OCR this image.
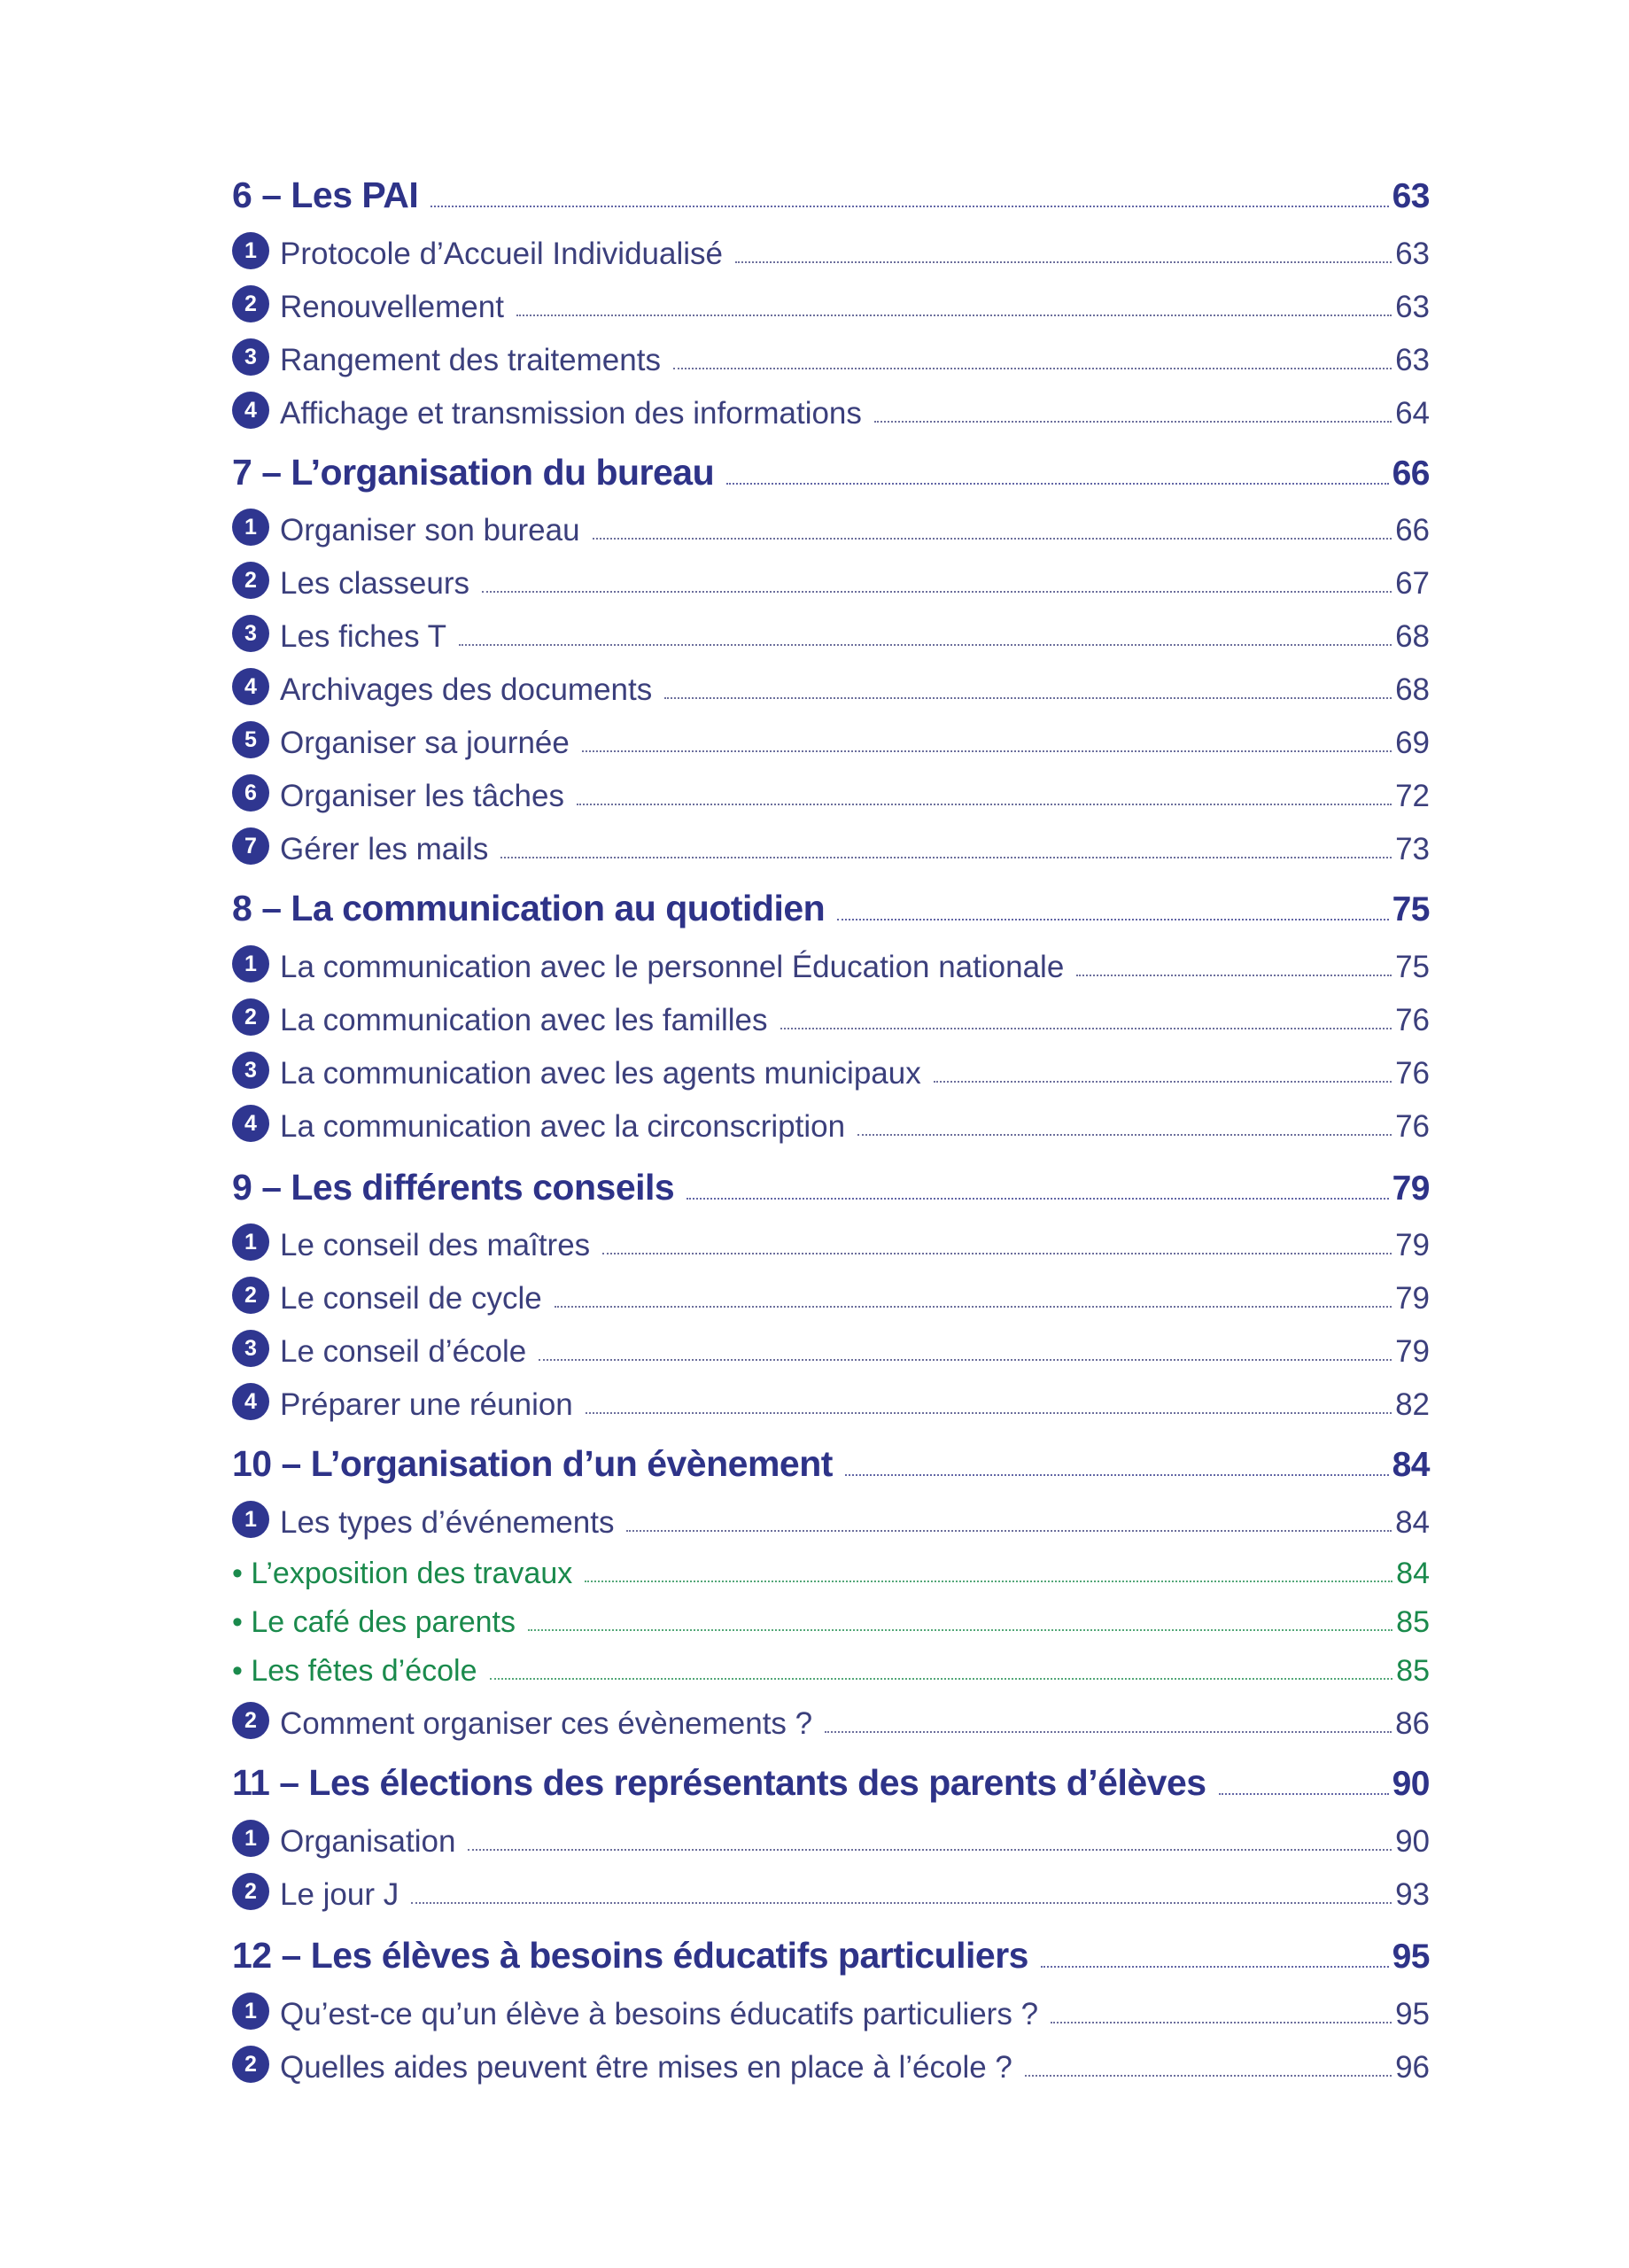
6 – Les PAI	63
1 Protocole d’Accueil Individualisé	63
2 Renouvellement	63
3 Rangement des traitements	63
4 Affichage et transmission des informations	64
7 – L’organisation du bureau	66
1 Organiser son bureau	66
2 Les classeurs	67
3 Les fiches T	68
4 Archivages des documents	68
5 Organiser sa journée	69
6 Organiser les tâches	72
7 Gérer les mails	73
8 – La communication au quotidien	75
1 La communication avec le personnel Éducation nationale	75
2 La communication avec les familles	76
3 La communication avec les agents municipaux	76
4 La communication avec la circonscription	76
9 – Les différents conseils	79
1 Le conseil des maîtres	79
2 Le conseil de cycle	79
3 Le conseil d’école	79
4 Préparer une réunion	82
10 – L’organisation d’un évènement	84
1 Les types d’événements	84
• L’exposition des travaux	84
• Le café des parents	85
• Les fêtes d’école	85
2 Comment organiser ces évènements ?	86
11 – Les élections des représentants des parents d’élèves	90
1 Organisation	90
2 Le jour J	93
12 – Les élèves à besoins éducatifs particuliers	95
1 Qu’est-ce qu’un élève à besoins éducatifs particuliers ?	95
2 Quelles aides peuvent être mises en place à l’école ?	96
